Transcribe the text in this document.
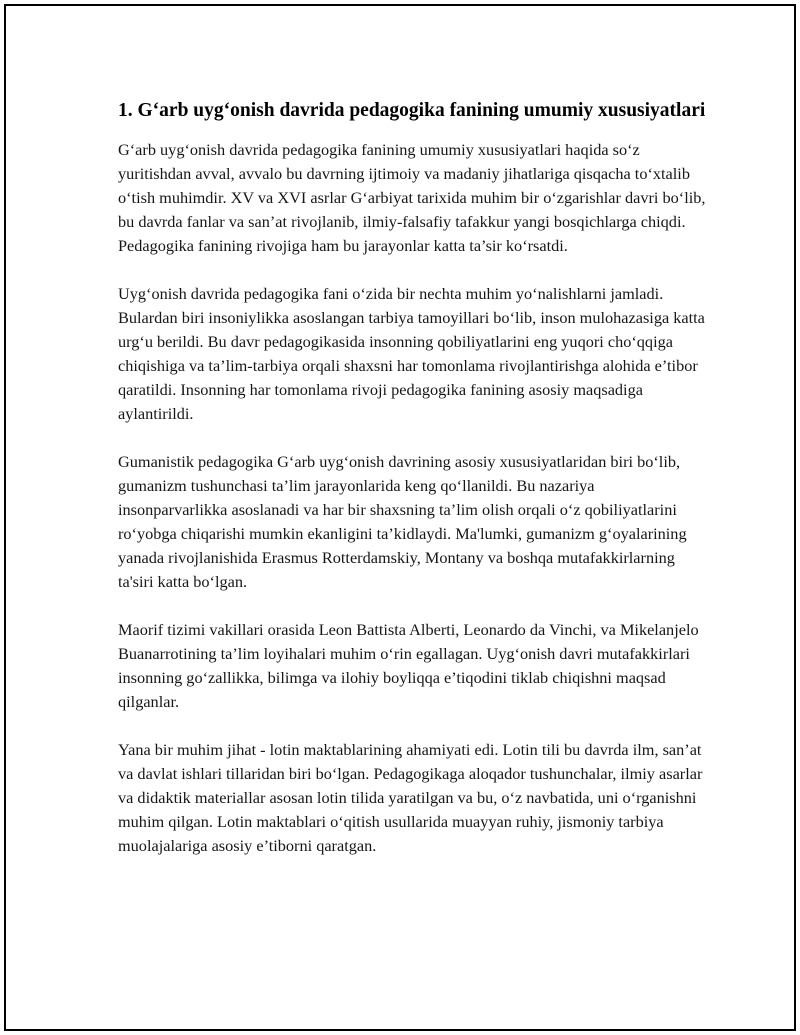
1. G‘arb uyg‘onish davrida pedagogika fanining umumiy xususiyatlari

G‘arb uyg‘onish davrida pedagogika fanining umumiy xususiyatlari haqida so‘z yuritishdan avval, avvalo bu davrning ijtimoiy va madaniy jihatlariga qisqacha to‘xtalib o‘tish muhimdir. XV va XVI asrlar G‘arbiyat tarixida muhim bir o‘zgarishlar davri bo‘lib, bu davrda fanlar va san’at rivojlanib, ilmiy-falsafiy tafakkur yangi bosqichlarga chiqdi. Pedagogika fanining rivojiga ham bu jarayonlar katta ta’sir ko‘rsatdi.

Uyg‘onish davrida pedagogika fani o‘zida bir nechta muhim yo‘nalishlarni jamladi. Bulardan biri insoniylikka asoslangan tarbiya tamoyillari bo‘lib, inson mulohazasiga katta urg‘u berildi. Bu davr pedagogikasida insonning qobiliyatlarini eng yuqori cho‘qqiga chiqishiga va ta’lim-tarbiya orqali shaxsni har tomonlama rivojlantirishga alohida e’tibor qaratildi. Insonning har tomonlama rivoji pedagogika fanining asosiy maqsadiga aylantirildi.

Gumanistik pedagogika G‘arb uyg‘onish davrining asosiy xususiyatlaridan biri bo‘lib, gumanizm tushunchasi ta’lim jarayonlarida keng qo‘llanildi. Bu nazariya insonparvarlikka asoslanadi va har bir shaxsning ta’lim olish orqali o‘z qobiliyatlarini ro‘yobga chiqarishi mumkin ekanligini ta’kidlaydi. Ma'lumki, gumanizm g‘oyalarining yanada rivojlanishida Erasmus Rotterdamskiy, Montany va boshqa mutafakkirlarning ta'siri katta bo‘lgan.

Maorif tizimi vakillari orasida Leon Battista Alberti, Leonardo da Vinchi, va Mikelanjelo Buanarrotining ta’lim loyihalari muhim o‘rin egallagan. Uyg‘onish davri mutafakkirlari insonning go‘zallikka, bilimga va ilohiy boyliqqa e’tiqodini tiklab chiqishni maqsad qilganlar.

Yana bir muhim jihat - lotin maktablarining ahamiyati edi. Lotin tili bu davrda ilm, san’at va davlat ishlari tillaridan biri bo‘lgan. Pedagogikaga aloqador tushunchalar, ilmiy asarlar va didaktik materiallar asosan lotin tilida yaratilgan va bu, o‘z navbatida, uni o‘rganishni muhim qilgan. Lotin maktablari o‘qitish usullarida muayyan ruhiy, jismoniy tarbiya muolajalariga asosiy e’tiborni qaratgan.
